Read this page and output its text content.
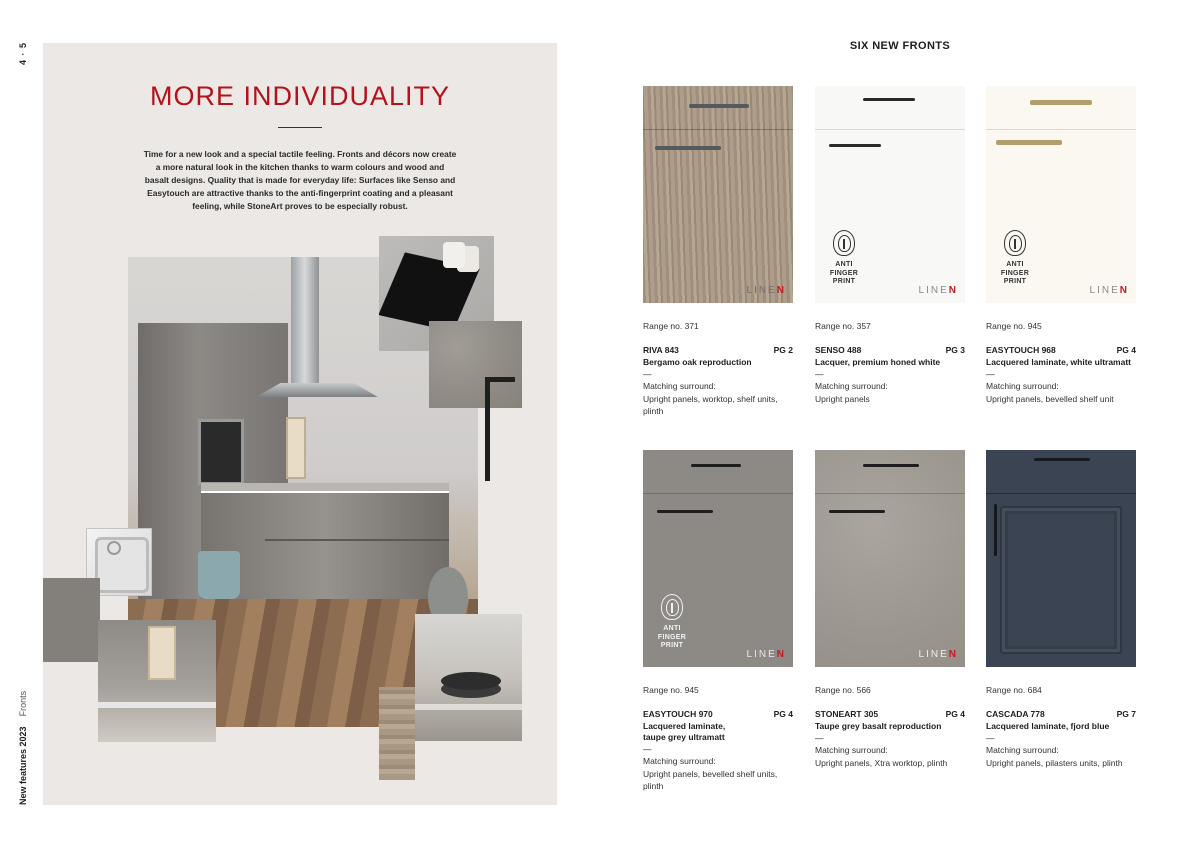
4 · 5
New features 2023    Fronts
MORE INDIVIDUALITY
Time for a new look and a special tactile feeling. Fronts and décors now create a more natural look in the kitchen thanks to warm colours and wood and basalt designs. Quality that is made for everyday life: Surfaces like Senso and Easytouch are attractive thanks to the anti-fingerprint coating and a pleasant feeling, while StoneArt proves to be especially robust.
SIX NEW FRONTS
LINEN
Range no. 371
RIVA 843	PG 2
Bergamo oak reproduction
—
Matching surround:
Upright panels, worktop, shelf units,
plinth
ANTI
FINGER
PRINT
LINEN
Range no. 357
SENSO 488	PG 3
Lacquer, premium honed white
—
Matching surround:
Upright panels
ANTI
FINGER
PRINT
LINEN
Range no. 945
EASYTOUCH 968	PG 4
Lacquered laminate, white ultramatt
—
Matching surround:
Upright panels, bevelled shelf unit
ANTI
FINGER
PRINT
LINEN
Range no. 945
EASYTOUCH 970	PG 4
Lacquered laminate,
taupe grey ultramatt
—
Matching surround:
Upright panels, bevelled shelf units,
plinth
LINEN
Range no. 566
STONEART 305	PG 4
Taupe grey basalt reproduction
—
Matching surround:
Upright panels, Xtra worktop, plinth
Range no. 684
CASCADA 778	PG 7
Lacquered laminate, fjord blue
—
Matching surround:
Upright panels, pilasters units, plinth
